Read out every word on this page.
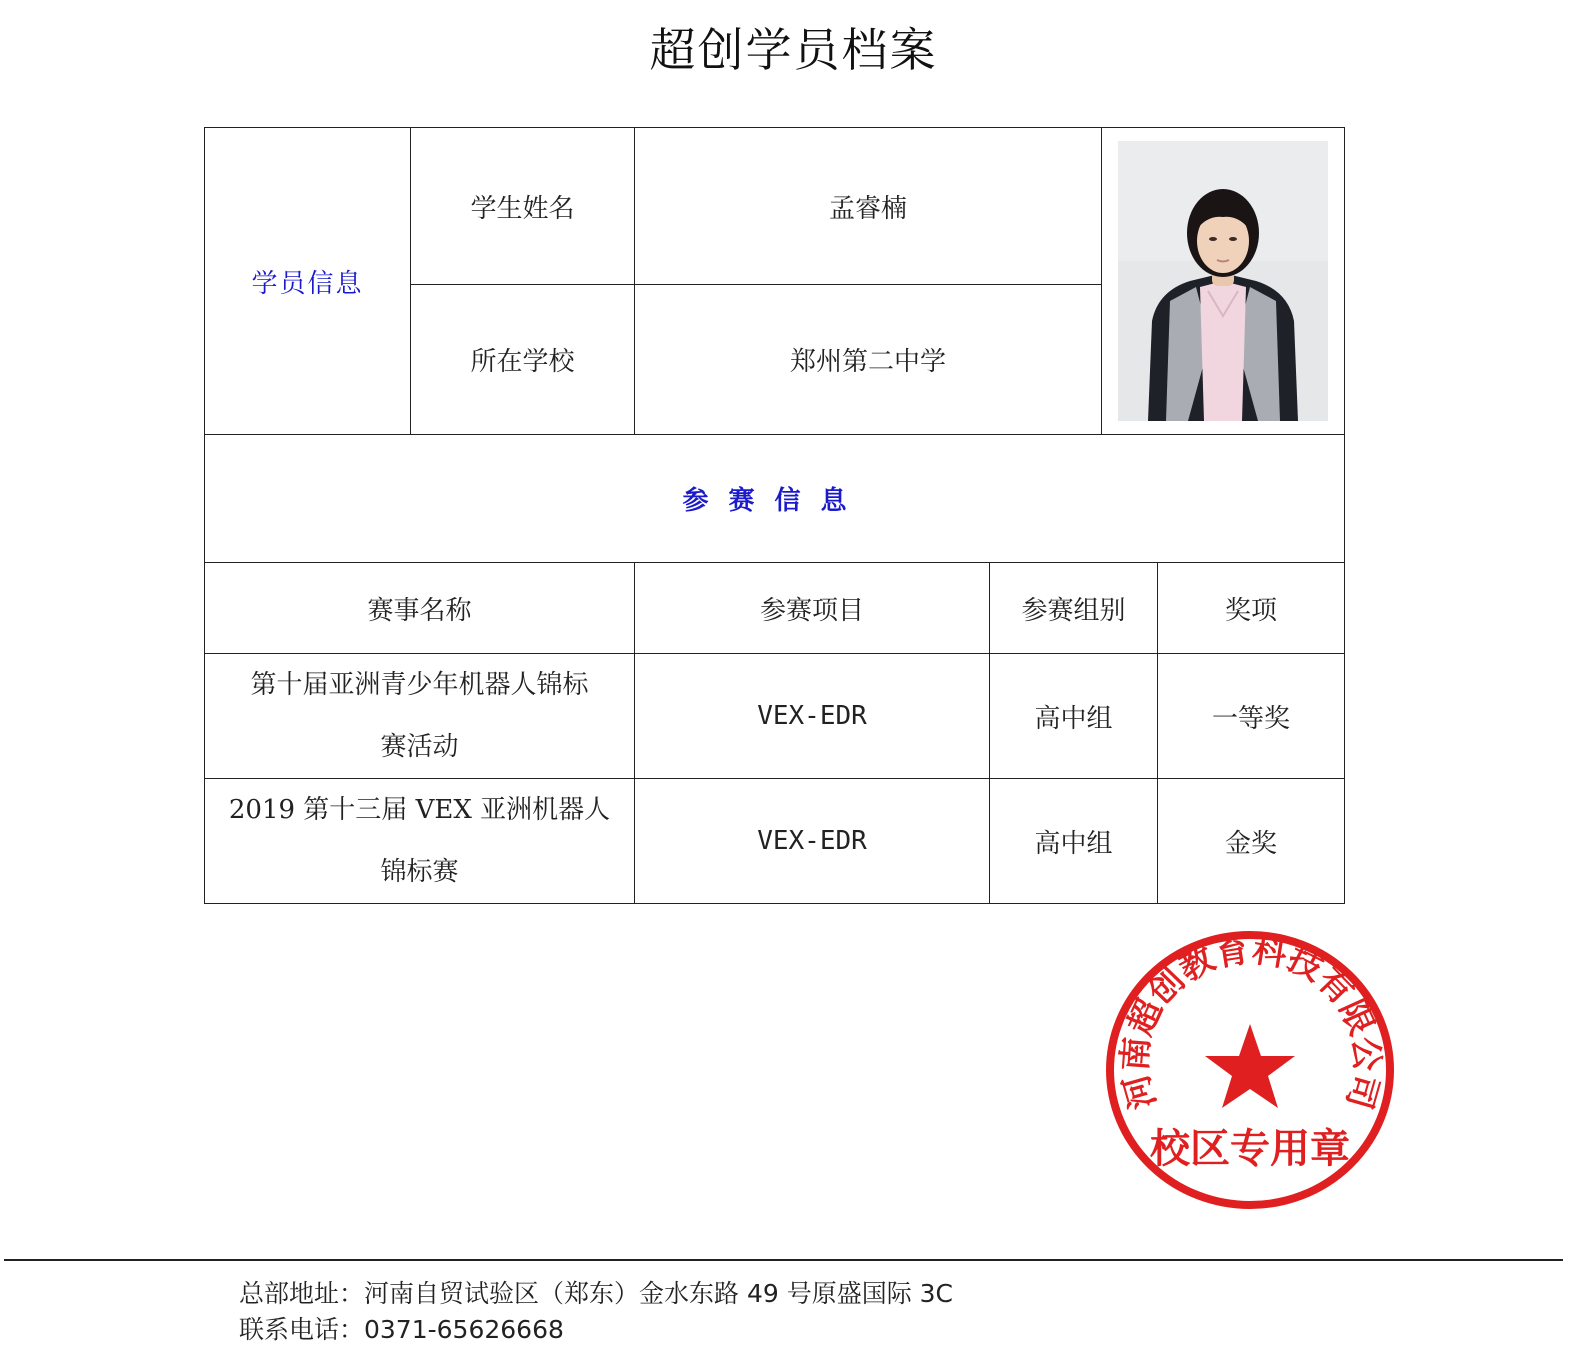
超创学员档案
学员信息	学生姓名	孟睿楠	

	所在学校	郑州第二中学			
参赛信息					
赛事名称		参赛项目	参赛组别		奖项

第十届亚洲青少年机器人锦标
赛活动		VEX-EDR	高中组		一等奖

2019 第十三届 VEX 亚洲机器人
锦标赛		VEX-EDR	高中组		金奖
河南超创教育科技有限公司
校区专用章
总部地址：河南自贸试验区（郑东）金水东路 49 号原盛国际 3C
联系电话：0371-65626668
